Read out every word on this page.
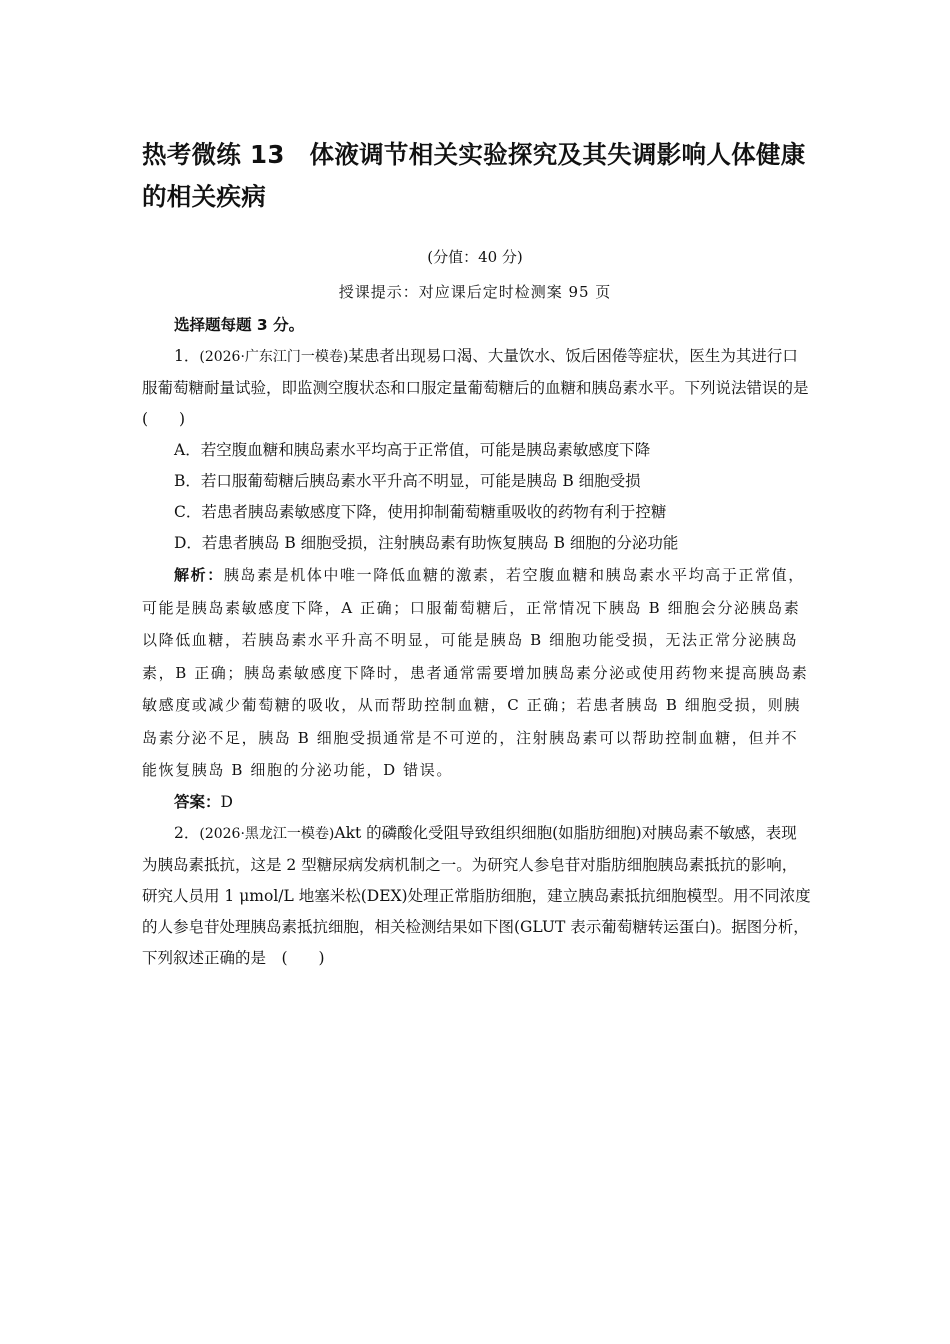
热考微练 13　体液调节相关实验探究及其失调影响人体健康的相关疾病
(分值：40 分)
授课提示：对应课后定时检测案 95 页

选择题每题 3 分。

1．(2026·广东江门一模卷)某患者出现易口渴、大量饮水、饭后困倦等症状，医生为其进行口服葡萄糖耐量试验，即监测空腹状态和口服定量葡萄糖后的血糖和胰岛素水平。下列说法错误的是　(　　)

A．若空腹血糖和胰岛素水平均高于正常值，可能是胰岛素敏感度下降

B．若口服葡萄糖后胰岛素水平升高不明显，可能是胰岛 B 细胞受损

C．若患者胰岛素敏感度下降，使用抑制葡萄糖重吸收的药物有利于控糖

D．若患者胰岛 B 细胞受损，注射胰岛素有助恢复胰岛 B 细胞的分泌功能

解析：胰岛素是机体中唯一降低血糖的激素，若空腹血糖和胰岛素水平均高于正常值，可能是胰岛素敏感度下降，A 正确；口服葡萄糖后，正常情况下胰岛 B 细胞会分泌胰岛素以降低血糖，若胰岛素水平升高不明显，可能是胰岛 B 细胞功能受损，无法正常分泌胰岛素，B 正确；胰岛素敏感度下降时，患者通常需要增加胰岛素分泌或使用药物来提高胰岛素敏感度或减少葡萄糖的吸收，从而帮助控制血糖，C 正确；若患者胰岛 B 细胞受损，则胰岛素分泌不足，胰岛 B 细胞受损通常是不可逆的，注射胰岛素可以帮助控制血糖，但并不能恢复胰岛 B 细胞的分泌功能，D 错误。

答案：D

2．(2026·黑龙江一模卷)Akt 的磷酸化受阻导致组织细胞(如脂肪细胞)对胰岛素不敏感，表现为胰岛素抵抗，这是 2 型糖尿病发病机制之一。为研究人参皂苷对脂肪细胞胰岛素抵抗的影响，研究人员用 1 μmol/L 地塞米松(DEX)处理正常脂肪细胞，建立胰岛素抵抗细胞模型。用不同浓度的人参皂苷处理胰岛素抵抗细胞，相关检测结果如下图(GLUT 表示葡萄糖转运蛋白)。据图分析，下列叙述正确的是　(　　)
